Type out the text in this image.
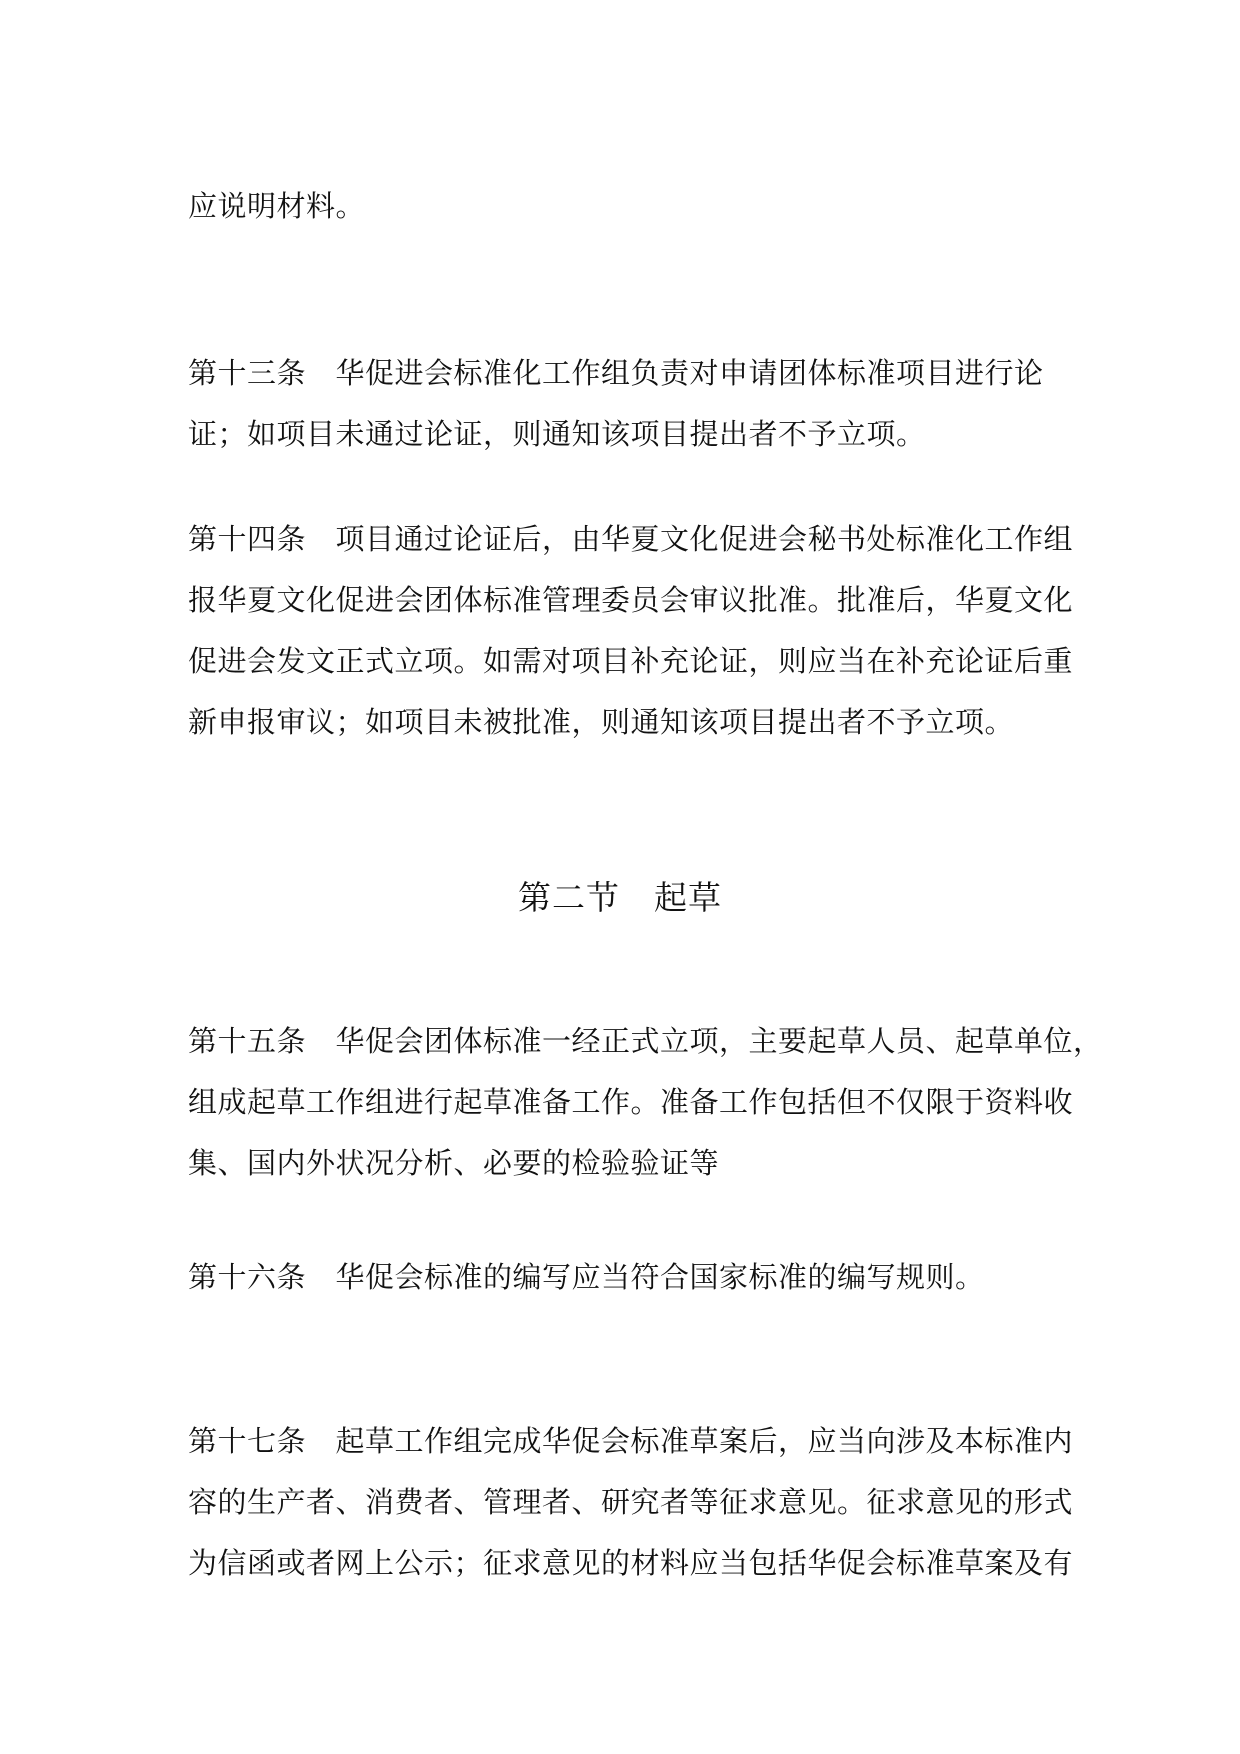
应说明材料。
第十三条　华促进会标准化工作组负责对申请团体标准项目进行论
证；如项目未通过论证，则通知该项目提出者不予立项。
第十四条　项目通过论证后，由华夏文化促进会秘书处标准化工作组
报华夏文化促进会团体标准管理委员会审议批准。批准后，华夏文化
促进会发文正式立项。如需对项目补充论证，则应当在补充论证后重
新申报审议；如项目未被批准，则通知该项目提出者不予立项。
第二节 起草
第十五条　华促会团体标准一经正式立项，主要起草人员、起草单位，
组成起草工作组进行起草准备工作。准备工作包括但不仅限于资料收
集、国内外状况分析、必要的检验验证等
第十六条　华促会标准的编写应当符合国家标准的编写规则。
第十七条　起草工作组完成华促会标准草案后，应当向涉及本标准内
容的生产者、消费者、管理者、研究者等征求意见。征求意见的形式
为信函或者网上公示；征求意见的材料应当包括华促会标准草案及有
